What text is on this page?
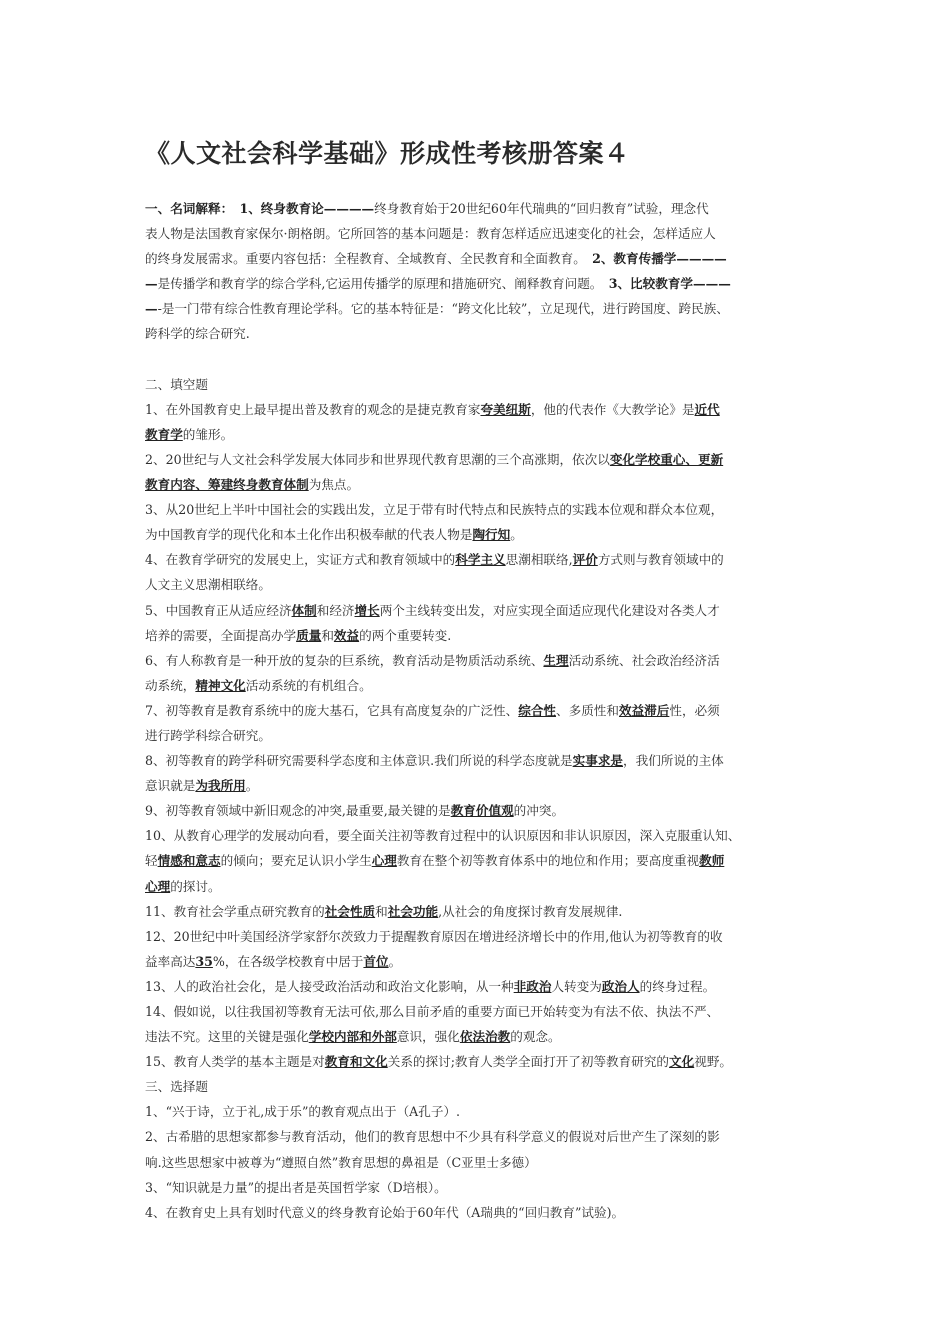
《人文社会科学基础》形成性考核册答案４
一、名词解释：　1、终身教育论————终身教育始于20世纪60年代瑞典的“回归教育”试验，理念代
表人物是法国教育家保尔·朗格朗。它所回答的基本问题是：教育怎样适应迅速变化的社会，怎样适应人
的终身发展需求。重要内容包括：全程教育、全域教育、全民教育和全面教育。　2、教育传播学————
—是传播学和教育学的综合学科,它运用传播学的原理和措施研究、阐释教育问题。　3、比较教育学———
—-是一门带有综合性教育理论学科。它的基本特征是：“跨文化比较”，立足现代，进行跨国度、跨民族、
跨科学的综合研究.
二、填空题
1、在外国教育史上最早提出普及教育的观念的是捷克教育家夸美纽斯，他的代表作《大教学论》是近代
教育学的雏形。
2、20世纪与人文社会科学发展大体同步和世界现代教育思潮的三个高涨期，依次以变化学校重心、更新
教育内容、筹建终身教育体制为焦点。
3、从20世纪上半叶中国社会的实践出发，立足于带有时代特点和民族特点的实践本位观和群众本位观，
为中国教育学的现代化和本土化作出积极奉献的代表人物是陶行知。
4、在教育学研究的发展史上，实证方式和教育领域中的科学主义思潮相联络,评价方式则与教育领域中的
人文主义思潮相联络。
5、中国教育正从适应经济体制和经济增长两个主线转变出发，对应实现全面适应现代化建设对各类人才
培养的需要，全面提高办学质量和效益的两个重要转变.
6、有人称教育是一种开放的复杂的巨系统，教育活动是物质活动系统、生理活动系统、社会政治经济活
动系统，精神文化活动系统的有机组合。
7、初等教育是教育系统中的庞大基石，它具有高度复杂的广泛性、综合性、多质性和效益滞后性，必须
进行跨学科综合研究。
8、初等教育的跨学科研究需要科学态度和主体意识.我们所说的科学态度就是实事求是，我们所说的主体
意识就是为我所用。
9、初等教育领域中新旧观念的冲突,最重要,最关键的是教育价值观的冲突。
10、从教育心理学的发展动向看，要全面关注初等教育过程中的认识原因和非认识原因，深入克服重认知、
轻情感和意志的倾向；要充足认识小学生心理教育在整个初等教育体系中的地位和作用；要高度重视教师
心理的探讨。
11、教育社会学重点研究教育的社会性质和社会功能,从社会的角度探讨教育发展规律.
12、20世纪中叶美国经济学家舒尔茨致力于提醒教育原因在增进经济增长中的作用,他认为初等教育的收
益率高达35%，在各级学校教育中居于首位。
13、人的政治社会化，是人接受政治活动和政治文化影响，从一种非政治人转变为政治人的终身过程。
14、假如说，以往我国初等教育无法可依,那么目前矛盾的重要方面已开始转变为有法不依、执法不严、
违法不究。这里的关键是强化学校内部和外部意识，强化依法治教的观念。
15、教育人类学的基本主题是对教育和文化关系的探讨;教育人类学全面打开了初等教育研究的文化视野。
三、选择题
1、“兴于诗，立于礼,成于乐”的教育观点出于（A孔子）.
2、古希腊的思想家都参与教育活动，他们的教育思想中不少具有科学意义的假说对后世产生了深刻的影
响.这些思想家中被尊为“遵照自然”教育思想的鼻祖是（C亚里士多德）
3、“知识就是力量”的提出者是英国哲学家（D培根）。
4、在教育史上具有划时代意义的终身教育论始于60年代（A瑞典的“回归教育”试验)。
